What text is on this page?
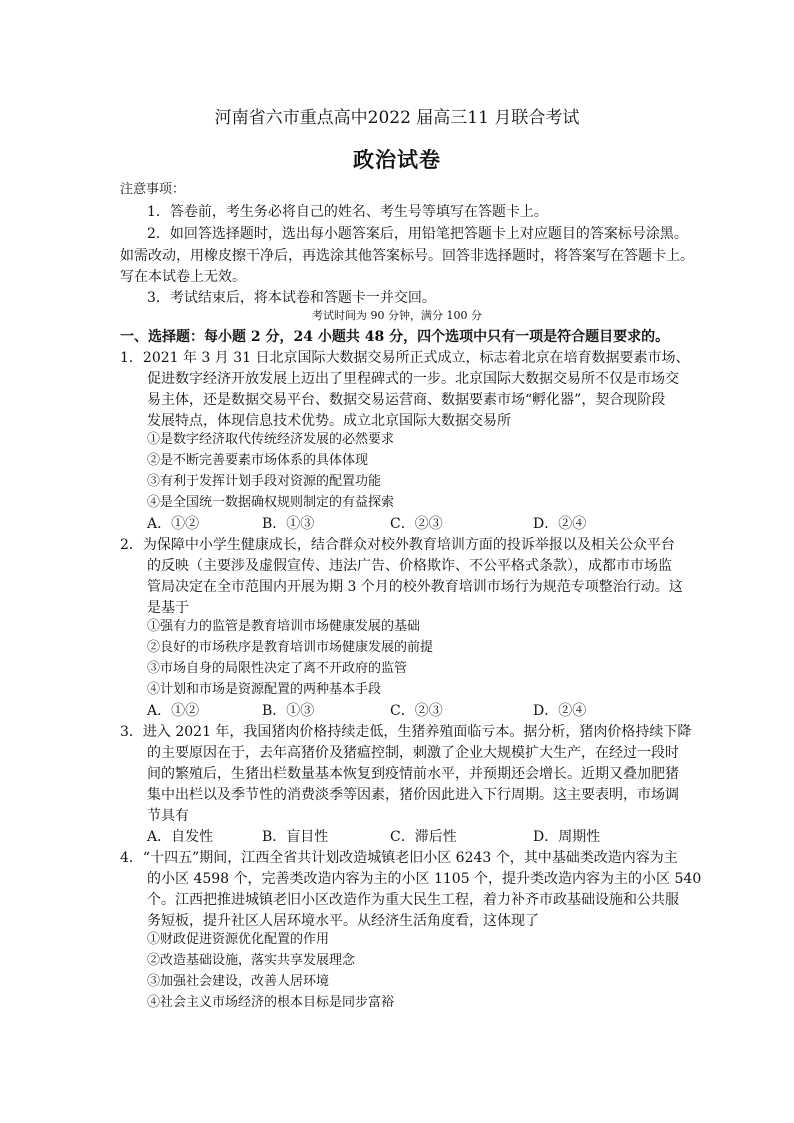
河南省六市重点高中2022 届高三11 月联合考试
政治试卷
注意事项：
1．答卷前，考生务必将自己的姓名、考生号等填写在答题卡上。
2．如回答选择题时，选出每小题答案后，用铅笔把答题卡上对应题目的答案标号涂黑。
如需改动，用橡皮擦干净后，再选涂其他答案标号。回答非选择题时，将答案写在答题卡上。
写在本试卷上无效。
3．考试结束后，将本试卷和答题卡一并交回。
考试时间为 90 分钟，满分 100 分
一、选择题：每小题 2 分，24 小题共 48 分，四个选项中只有一项是符合题目要求的。
1．2021 年 3 月 31 日北京国际大数据交易所正式成立，标志着北京在培育数据要素市场、
促进数字经济开放发展上迈出了里程碑式的一步。北京国际大数据交易所不仅是市场交
易主体，还是数据交易平台、数据交易运营商、数据要素市场“孵化器”，契合现阶段
发展特点，体现信息技术优势。成立北京国际大数据交易所
①是数字经济取代传统经济发展的必然要求
②是不断完善要素市场体系的具体体现
③有利于发挥计划手段对资源的配置功能
④是全国统一数据确权规则制定的有益探索
A．①②	B．①③	C．②③	D．②④
2．为保障中小学生健康成长，结合群众对校外教育培训方面的投诉举报以及相关公众平台
的反映（主要涉及虚假宣传、违法广告、价格欺诈、不公平格式条款），成都市市场监
管局决定在全市范围内开展为期 3 个月的校外教育培训市场行为规范专项整治行动。这
是基于
①强有力的监管是教育培训市场健康发展的基础
②良好的市场秩序是教育培训市场健康发展的前提
③市场自身的局限性决定了离不开政府的监管
④计划和市场是资源配置的两种基本手段
A．①②	B．①③	C．②③	D．②④
3．进入 2021 年，我国猪肉价格持续走低，生猪养殖面临亏本。据分析，猪肉价格持续下降
的主要原因在于，去年高猪价及猪瘟控制，刺激了企业大规模扩大生产，在经过一段时
间的繁殖后，生猪出栏数量基本恢复到疫情前水平，并预期还会增长。近期又叠加肥猪
集中出栏以及季节性的消费淡季等因素，猪价因此进入下行周期。这主要表明，市场调
节具有
A．自发性	B．盲目性	C．滞后性	D．周期性
4．“十四五”期间，江西全省共计划改造城镇老旧小区 6243 个，其中基础类改造内容为主
的小区 4598 个，完善类改造内容为主的小区 1105 个，提升类改造内容为主的小区 540
个。江西把推进城镇老旧小区改造作为重大民生工程，着力补齐市政基础设施和公共服
务短板，提升社区人居环境水平。从经济生活角度看，这体现了
①财政促进资源优化配置的作用
②改造基础设施，落实共享发展理念
③加强社会建设，改善人居环境
④社会主义市场经济的根本目标是同步富裕
